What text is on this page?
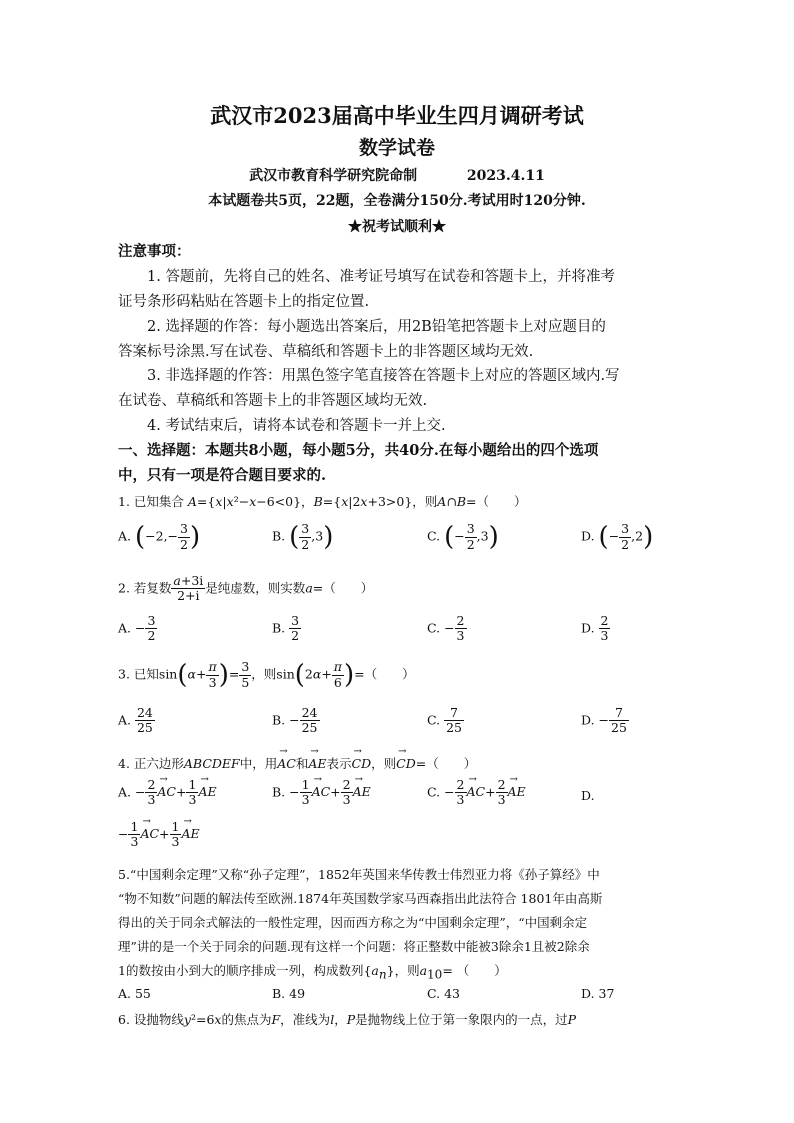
武汉市2023届高中毕业生四月调研考试
数学试卷
武汉市教育科学研究院命制	2023.4.11
本试题卷共5页，22题，全卷满分150分.考试用时120分钟.
★祝考试顺利★
注意事项：
1. 答题前，先将自己的姓名、准考证号填写在试卷和答题卡上，并将准考
证号条形码粘贴在答题卡上的指定位置.
2. 选择题的作答：每小题选出答案后，用2B铅笔把答题卡上对应题目的
答案标号涂黑.写在试卷、草稿纸和答题卡上的非答题区域均无效.
3. 非选择题的作答：用黑色签字笔直接答在答题卡上对应的答题区域内.写
在试卷、草稿纸和答题卡上的非答题区域均无效.
4. 考试结束后，请将本试卷和答题卡一并上交.
一、选择题：本题共8小题，每小题5分，共40分.在每小题给出的四个选项
中，只有一项是符合题目要求的.
1. 已知集合 A={x|x²−x−6<0}，B={x|2x+3>0}，则A∩B=（　　）
A. ($-2,- \frac{3}{2}$ )	B. ( $\frac{3}{2} ,3$)	C. (− $\frac{3}{2} ,3$)	D. (− $\frac{3}{2} ,2$)
2. 若复数 $\frac{a+3i}{2+i}$ 是纯虚数，则实数a=（　　）
A. − $\frac{3}{2}$	B. $\frac{3}{2}$	C. − $\frac{2}{3}$	D. $\frac{2}{3}$
3. 已知$\sin(\alpha+ \frac{\pi}{3}$ )= $\frac{3}{5}$ ，则$\sin(2\alpha+ \frac{\pi}{6}$ )=（　　）
A. $\frac{24}{25}$	B. − $\frac{24}{25}$	C. $\frac{7}{25}$	D. − $\frac{7}{25}$
4. 正六边形ABCDEF中，用→ AC和→ AE表示→ CD，则→ CD=（　　）
A. − $\frac{2}{3}$
→ $AC+ \frac{1}{3}$
→ AE	B. − $\frac{1}{3}$
→ $AC+ \frac{2}{3}$
→ AE	C. − $\frac{2}{3}$
→ $AC+ \frac{2}{3}$
→ AE	D.
− $\frac{1}{3}$
→ $AC+ \frac{1}{3}$
→ AE
5.“中国剩余定理”又称“孙子定理”，1852年英国来华传教士伟烈亚力将《孙子算经》中
“物不知数”问题的解法传至欧洲.1874年英国数学家马西森指出此法符合 1801年由高斯
得出的关于同余式解法的一般性定理，因而西方称之为“中国剩余定理”，“中国剩余定
理”讲的是一个关于同余的问题.现有这样一个问题：将正整数中能被3除余1且被2除余
1的数按由小到大的顺序排成一列，构成数列$\{a_n\}$，则$a_{10}=$ （　　）
A. 55	B. 49	C. 43	D. 37
6. 设抛物线y²=6x的焦点为F，准线为l，P是抛物线上位于第一象限内的一点，过P
